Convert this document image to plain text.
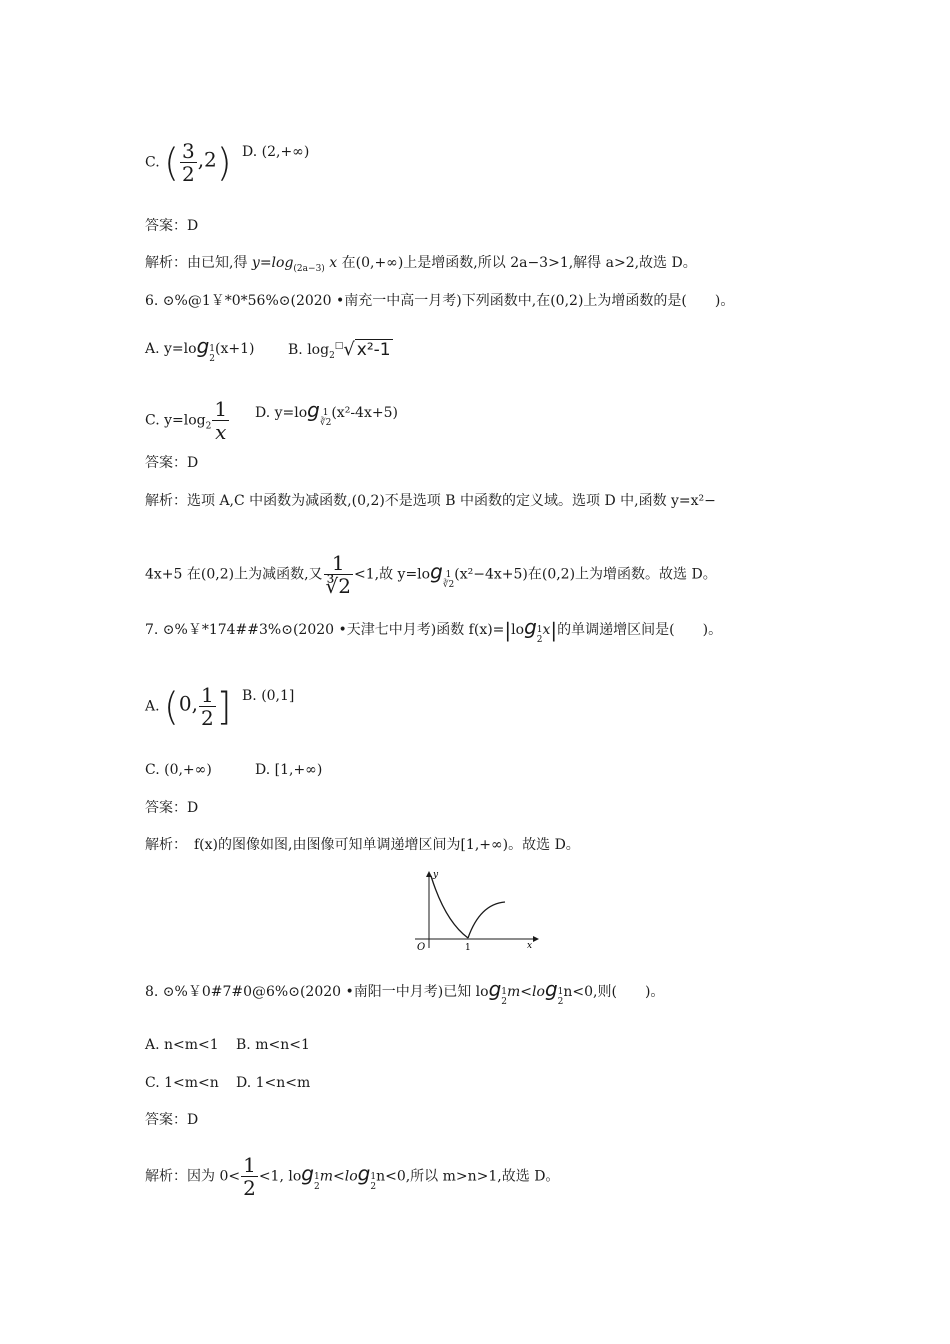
C. ( $\frac{3}{2} ,2$) D. (2,+∞)
答案：D
解析：由已知,得 $y=\log_{(2a-3)}$ x 在(0,+∞)上是增函数,所以 2a−3>1,解得 a>2,故选 D。
6. ⊙%@1￥*0*56%⊙(2020 •南充一中高一月考)下列函数中,在(0,2)上为增函数的是(　　)。
A. y=log1
2(x+1) B. $\log_2^□√$ x²-1
C. $y=\log_2 \frac{1}{x} D$. y=log 1
∛2(x²-4x+5)
答案：D
解析：选项 A,C 中函数为减函数,(0,2)不是选项 B 中函数的定义域。选项 D 中,函数 y=x²−
4x+5 在(0,2)上为减函数,又 $\frac{1}{∛2} <1$,故 y=log 1
∛2(x²−4x+5)在(0,2)上为增函数。故选 D。
7. ⊙%￥*174##3%⊙(2020 •天津七中月考)函数 f(x)=|log1
2x|的单调递增区间是(　　)。
A. (0, $\frac{1}{2}$ ] B. (0,1]
C. (0,+∞)	D. [1,+∞)
答案：D
解析：　f(x)的图像如图,由图像可知单调递增区间为[1,+∞)。故选 D。
y
x
O	1
8. ⊙%￥0#7#0@6%⊙(2020 •南阳一中月考)已知 log1
2m<log1
2n<0,则(　　)。
A. n<m<1 B. m<n<1
C. 1<m<n D. 1<n<m
答案：D
解析：因为 $0< \frac{1}{2} <1$, log1
2m<log1
2n<0,所以 m>n>1,故选 D。
